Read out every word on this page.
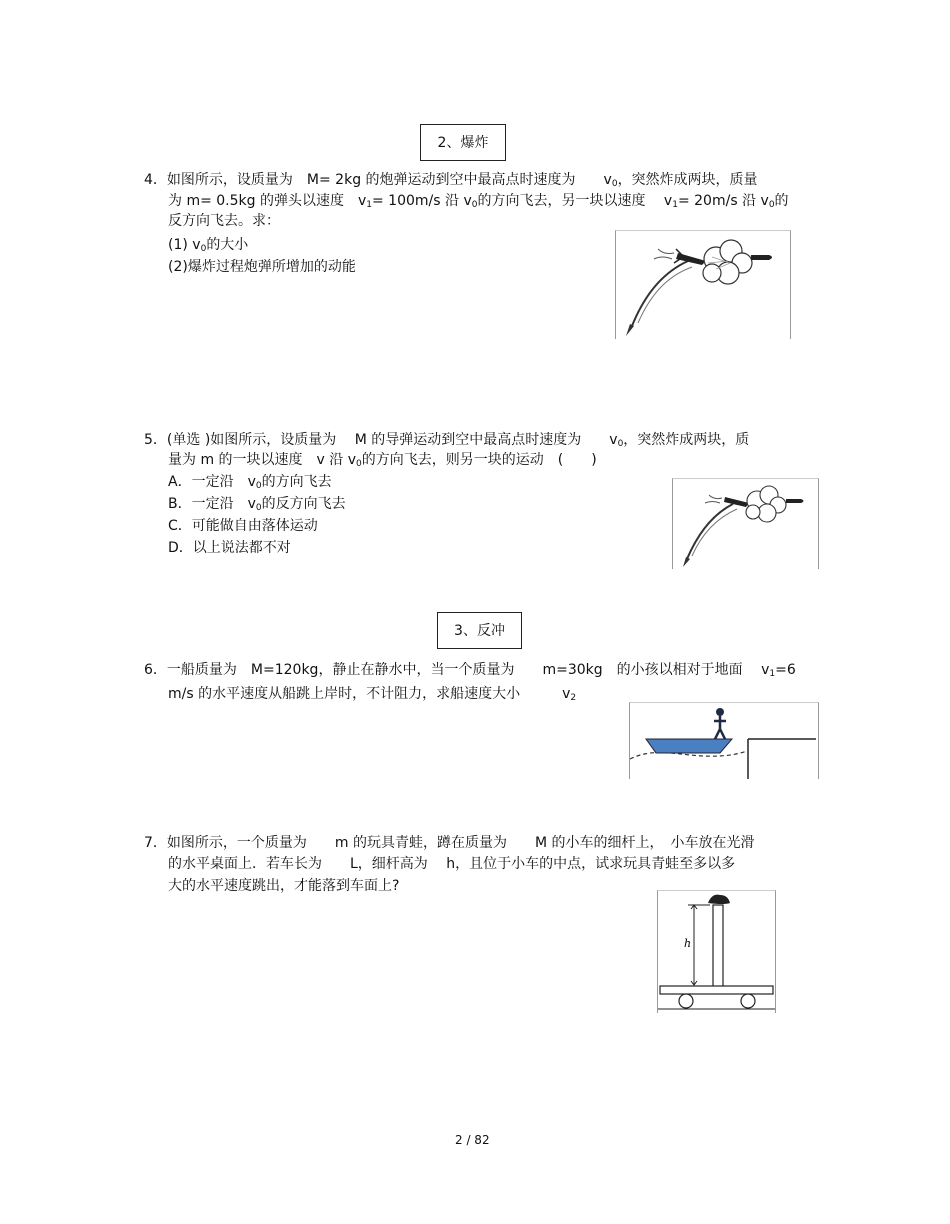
2、爆炸
4．如图所示，设质量为　M= 2kg 的炮弹运动到空中最高点时速度为　　$v_0$，突然炸成两块，质量
为 m= 0.5kg 的弹头以速度　$v_1= 100m/s$ 沿 $v_0$的方向飞去，另一块以速度　 $v_1= 20m/s$ 沿 $v_0$的
反方向飞去。求：
(1) $v_0$的大小
(2)爆炸过程炮弹所增加的动能
5．(单选 )如图所示，设质量为　 M 的导弹运动到空中最高点时速度为　　$v_0$，突然炸成两块，质
量为 m 的一块以速度　v 沿 $v_0$的方向飞去，则另一块的运动　(　　)
A．一定沿　$v_0$的方向飞去
B．一定沿　$v_0$的反方向飞去
C．可能做自由落体运动
D．以上说法都不对
3、反冲
6．一船质量为　M=120kg，静止在静水中，当一个质量为　　m=30kg　的小孩以相对于地面　 $v_1=6$
m/s 的水平速度从船跳上岸时，不计阻力，求船速度大小　　　$v_2$
7．如图所示，一个质量为　　m 的玩具青蛙，蹲在质量为　　M 的小车的细杆上，　小车放在光滑
的水平桌面上．若车长为　　L，细杆高为　 h，且位于小车的中点，试求玩具青蛙至多以多
大的水平速度跳出，才能落到车面上?
h
2 / 82
